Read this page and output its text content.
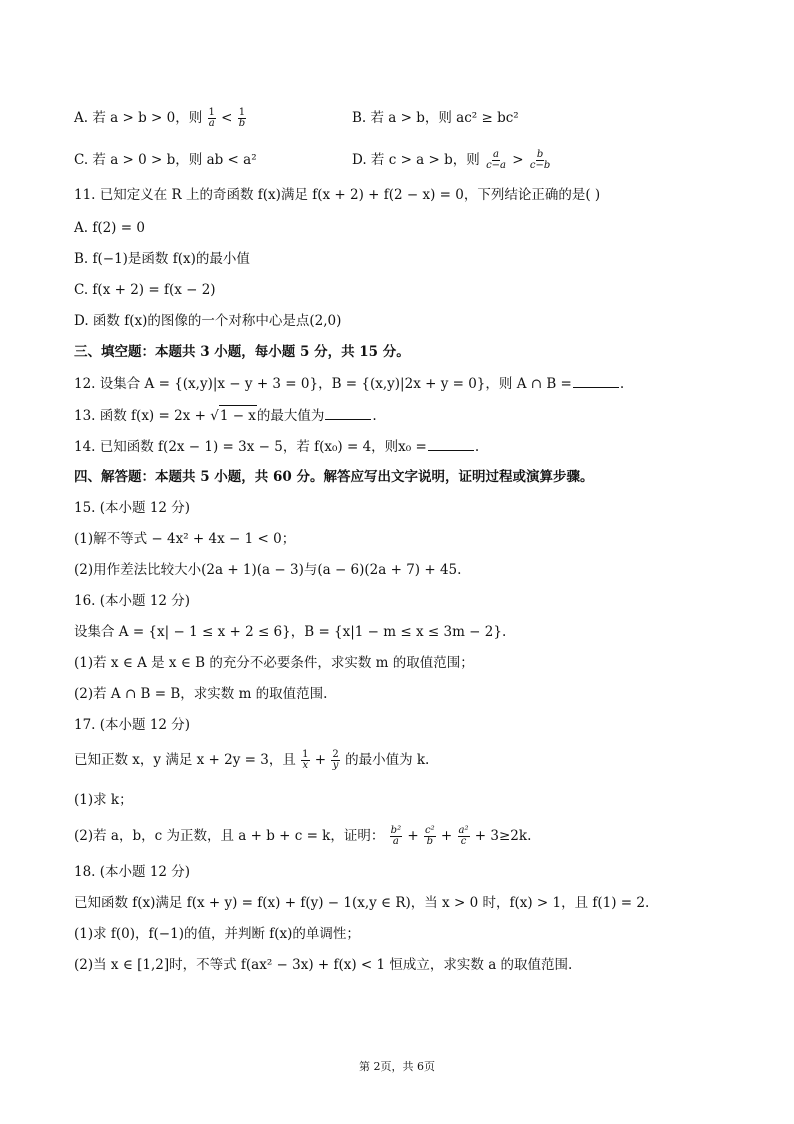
A. 若 a > b > 0，则 $\frac{1}{a} < \frac{1}{b}$	B. 若 a > b，则 ac² ≥ bc²
C. 若 a > 0 > b，则 ab < a²	D. 若 c > a > b，则 $\frac{a}{c-a} > \frac{b}{c-b}$
11. 已知定义在 R 上的奇函数 f(x)满足 f(x + 2) + f(2 − x) = 0，下列结论正确的是( )
A. f(2) = 0
B. f(−1)是函数 f(x)的最小值
C. f(x + 2) = f(x − 2)
D. 函数 f(x)的图像的一个对称中心是点(2,0)
三、填空题：本题共 3 小题，每小题 5 分，共 15 分。
12. 设集合 A = {(x,y)|x − y + 3 = 0}，B = {(x,y)|2x + y = 0}，则 A ∩ B =	.
13. 函数 f(x) = 2x + √1 − x的最大值为	.
14. 已知函数 f(2x − 1) = 3x − 5，若 f(x₀) = 4，则x₀ =	.
四、解答题：本题共 5 小题，共 60 分。解答应写出文字说明，证明过程或演算步骤。
15. (本小题 12 分)
(1)解不等式 − 4x² + 4x − 1 < 0；
(2)用作差法比较大小(2a + 1)(a − 3)与(a − 6)(2a + 7) + 45.
16. (本小题 12 分)
设集合 A = {x| − 1 ≤ x + 2 ≤ 6}，B = {x|1 − m ≤ x ≤ 3m − 2}.
(1)若 x ∈ A 是 x ∈ B 的充分不必要条件，求实数 m 的取值范围；
(2)若 A ∩ B = B，求实数 m 的取值范围.
17. (本小题 12 分)
已知正数 x，y 满足 x + 2y = 3，且 $\frac{1}{x} + \frac{2}{y}$ 的最小值为 k.
(1)求 k；
(2)若 a，b，c 为正数，且 a + b + c = k，证明： $\frac{\text{b²}}{a} + \frac{\text{c²}}{b} + \frac{\text{a²}}{c} + 3\ge 2k$.
18. (本小题 12 分)
已知函数 f(x)满足 f(x + y) = f(x) + f(y) − 1(x,y ∈ R)，当 x > 0 时，f(x) > 1，且 f(1) = 2.
(1)求 f(0)，f(−1)的值，并判断 f(x)的单调性；
(2)当 x ∈ [1,2]时，不等式 f(ax² − 3x) + f(x) < 1 恒成立，求实数 a 的取值范围.
第 2页，共 6页
